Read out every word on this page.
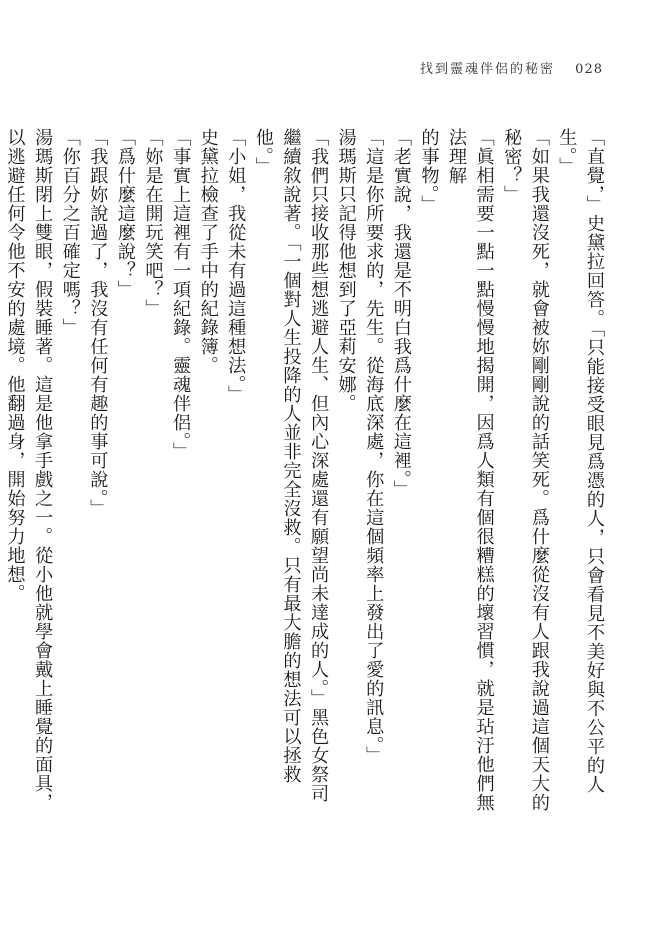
找到靈魂伴侶的秘密 028

「直覺，」史黛拉回答。「只能接受眼見爲憑的人，只會看見不美好與不公平的人生。」

「如果我還沒死，就會被妳剛剛說的話笑死。爲什麼從沒有人跟我說過這個天大的秘密？」

「眞相需要一點一點慢慢地揭開，因爲人類有個很糟糕的壞習慣，就是玷汙他們無法理解

的事物。」

「老實說，我還是不明白我爲什麼在這裡。」

「這是你所要求的，先生。從海底深處，你在這個頻率上發出了愛的訊息。」

湯瑪斯只記得他想到了亞莉安娜。

「我們只接收那些想逃避人生、但內心深處還有願望尚未達成的人。」黑色女祭司繼續敘說著。「一個對人生投降的人並非完全沒救。只有最大膽的想法可以拯救他。」

「小姐，我從未有過這種想法。」

史黛拉檢查了手中的紀錄簿。

「事實上這裡有一項紀錄。靈魂伴侶。」

「妳是在開玩笑吧？」

「爲什麼這麼說？」

「我跟妳說過了，我沒有任何有趣的事可說。」

「你百分之百確定嗎？」

湯瑪斯閉上雙眼，假裝睡著。這是他拿手戲之一。從小他就學會戴上睡覺的面具，以逃避任何令他不安的處境。他翻過身，開始努力地想。
